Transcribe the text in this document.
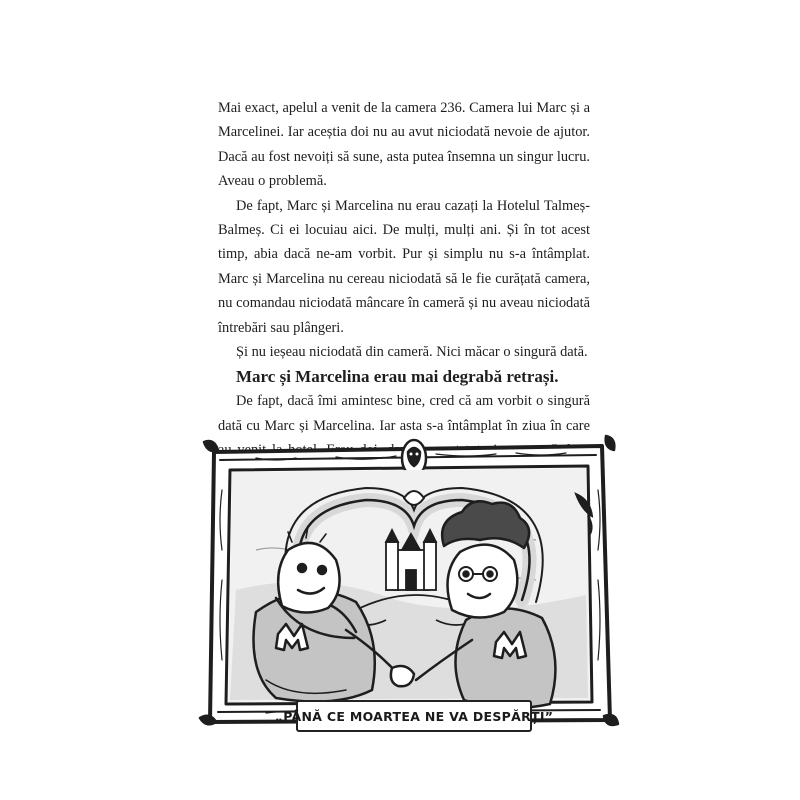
Mai exact, apelul a venit de la camera 236. Camera lui Marc și a Marcelinei. Iar aceștia doi nu au avut niciodată nevoie de ajutor. Dacă au fost nevoiți să sune, asta putea însemna un singur lucru. Aveau o problemă.

De fapt, Marc și Marcelina nu erau cazați la Hotelul Talmeș-Balmeș. Ci ei locuiau aici. De mulți, mulți ani. Și în tot acest timp, abia dacă ne-am vorbit. Pur și simplu nu s-a întâmplat. Marc și Marcelina nu cereau niciodată să le fie curățată camera, nu comandau niciodată mâncare în cameră și nu aveau niciodată întrebări sau plângeri.

Și nu ieșeau niciodată din cameră. Nici măcar o singură dată.

Marc și Marcelina erau mai degrabă retrași.

De fapt, dacă îmi amintesc bine, cred că am vorbit o singură dată cu Marc și Marcelina. Iar asta s-a întâmplat în ziua în care

„PÂNĂ CE MOARTEA NE VA DESPĂRȚI”
